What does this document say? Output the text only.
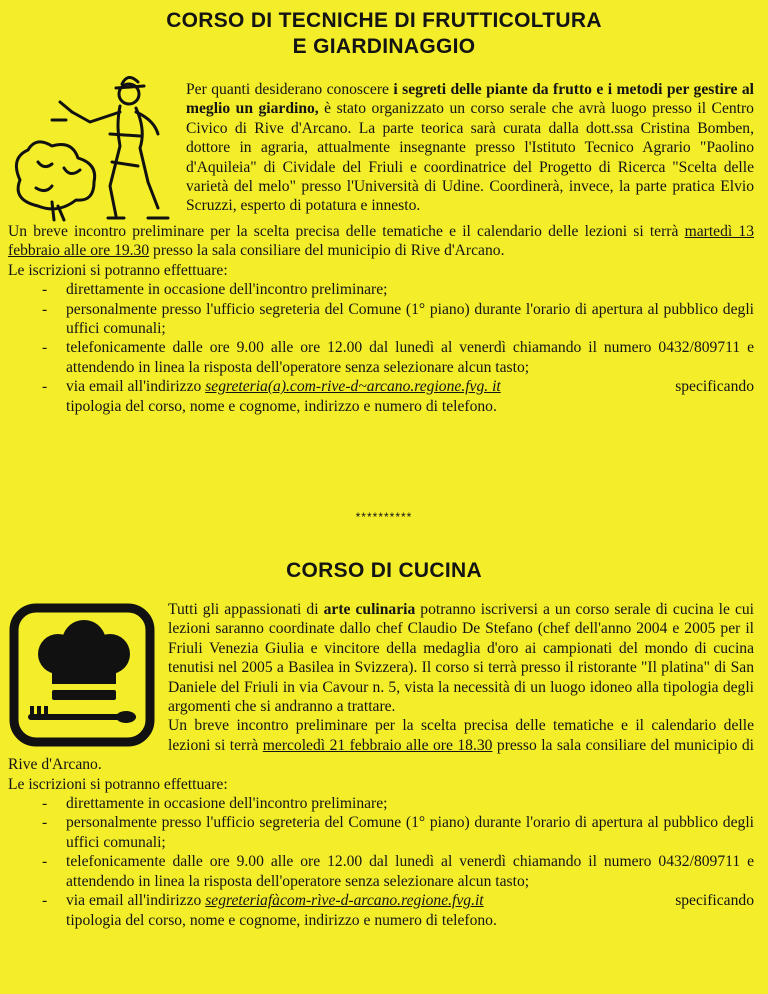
CORSO DI TECNICHE DI FRUTTICOLTURA
E GIARDINAGGIO

Per quanti desiderano conoscere i segreti delle piante da frutto e i metodi per gestire al meglio un giardino, è stato organizzato un corso serale che avrà luogo presso il Centro Civico di Rive d'Arcano. La parte teorica sarà curata dalla dott.ssa Cristina Bomben, dottore in agraria, attualmente insegnante presso l'Istituto Tecnico Agrario "Paolino d'Aquileia" di Cividale del Friuli e coordinatrice del Progetto di Ricerca "Scelta delle varietà del melo" presso l'Università di Udine. Coordinerà, invece, la parte pratica Elvio Scruzzi, esperto di potatura e innesto.

Un breve incontro preliminare per la scelta precisa delle tematiche e il calendario delle lezioni si terrà martedì 13 febbraio alle ore 19.30 presso la sala consiliare del municipio di Rive d'Arcano.

Le iscrizioni si potranno effettuare:

- direttamente in occasione dell'incontro preliminare;
- personalmente presso l'ufficio segreteria del Comune (1° piano) durante l'orario di apertura al pubblico degli uffici comunali;
- telefonicamente dalle ore 9.00 alle ore 12.00 dal lunedì al venerdì chiamando il numero 0432/809711 e attendendo in linea la risposta dell'operatore senza selezionare alcun tasto;
- via email all'indirizzo segreteria(a).com-rive-d~arcano.regione.fvg. it	specificando
tipologia del corso, nome e cognome, indirizzo e numero di telefono.
**********
CORSO DI CUCINA

Tutti gli appassionati di arte culinaria potranno iscriversi a un corso serale di cucina le cui lezioni saranno coordinate dallo chef Claudio De Stefano (chef dell'anno 2004 e 2005 per il Friuli Venezia Giulia e vincitore della medaglia d'oro ai campionati del mondo di cucina tenutisi nel 2005 a Basilea in Svizzera). Il corso si terrà presso il ristorante "Il platina" di San Daniele del Friuli in via Cavour n. 5, vista la necessità di un luogo idoneo alla tipologia degli argomenti che si andranno a trattare.

Un breve incontro preliminare per la scelta precisa delle tematiche e il calendario delle lezioni si terrà mercoledì 21 febbraio alle ore 18.30 presso la sala consiliare del municipio di Rive d'Arcano.

Le iscrizioni si potranno effettuare:

- direttamente in occasione dell'incontro preliminare;
- personalmente presso l'ufficio segreteria del Comune (1° piano) durante l'orario di apertura al pubblico degli uffici comunali;
- telefonicamente dalle ore 9.00 alle ore 12.00 dal lunedì al venerdì chiamando il numero 0432/809711 e attendendo in linea la risposta dell'operatore senza selezionare alcun tasto;
- via email all'indirizzo segreteriafàcom-rìve-d-arcano.regione.fvg.it	specificando
tipologia del corso, nome e cognome, indirizzo e numero di telefono.
